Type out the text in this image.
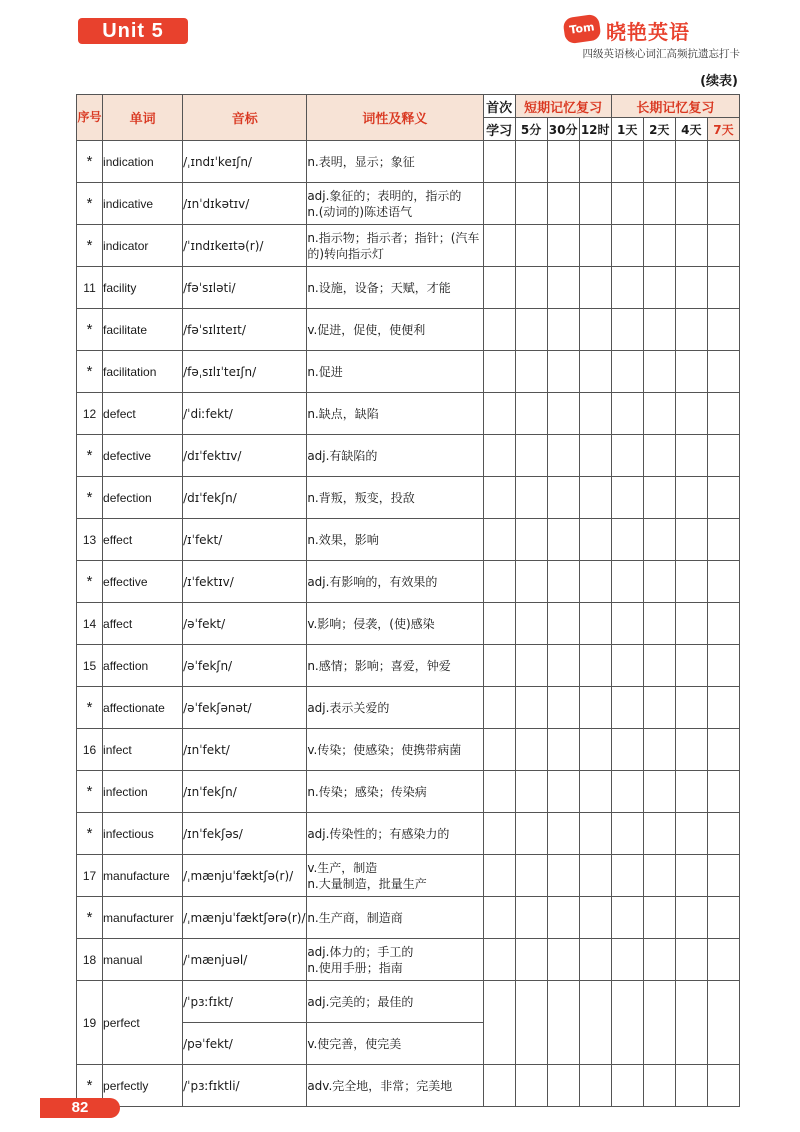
Unit 5	Tom 晓艳英语
四级英语核心词汇高频抗遗忘打卡
(续表)
序号	单词	音标	词性及释义	首次	短期记忆复习			长期记忆复习			
				学习	5分	30分	12时	1天	2天	4天	7天
*	indication	/ˌɪndɪˈkeɪʃn/	n.表明，显示；象征								

*	indicative	/ɪnˈdɪkətɪv/	adj.象征的；表明的，指示的
n.(动词的)陈述语气								

*	indicator	/ˈɪndɪkeɪtə(r)/	n.指示物；指示者；指针；(汽车
的)转向指示灯								

11	facility	/fəˈsɪləti/	n.设施，设备；天赋，才能								

*	facilitate	/fəˈsɪlɪteɪt/	v.促进，促使，使便利								

*	facilitation	/fəˌsɪlɪˈteɪʃn/	n.促进								

12	defect	/ˈdiːfekt/	n.缺点，缺陷								

*	defective	/dɪˈfektɪv/	adj.有缺陷的								

*	defection	/dɪˈfekʃn/	n.背叛，叛变，投敌								

13	effect	/ɪˈfekt/	n.效果，影响								

*	effective	/ɪˈfektɪv/	adj.有影响的，有效果的								

14	affect	/əˈfekt/	v.影响；侵袭，(使)感染								

15	affection	/əˈfekʃn/	n.感情；影响；喜爱，钟爱								

*	affectionate	/əˈfekʃənət/	adj.表示关爱的								

16	infect	/ɪnˈfekt/	v.传染；使感染；使携带病菌								

*	infection	/ɪnˈfekʃn/	n.传染；感染；传染病								

*	infectious	/ɪnˈfekʃəs/	adj.传染性的；有感染力的								

17	manufacture	/ˌmænjuˈfæktʃə(r)/	v.生产，制造
n.大量制造，批量生产								

*	manufacturer	/ˌmænjuˈfæktʃərə(r)/	n.生产商，制造商								

18	manual	/ˈmænjuəl/	adj.体力的；手工的
n.使用手册；指南								

19	perfect	/ˈpɜːfɪkt/	adj.完美的；最佳的								

		/pəˈfekt/	v.使完善，使完美								
*	perfectly	/ˈpɜːfɪktli/	adv.完全地，非常；完美地								

82
